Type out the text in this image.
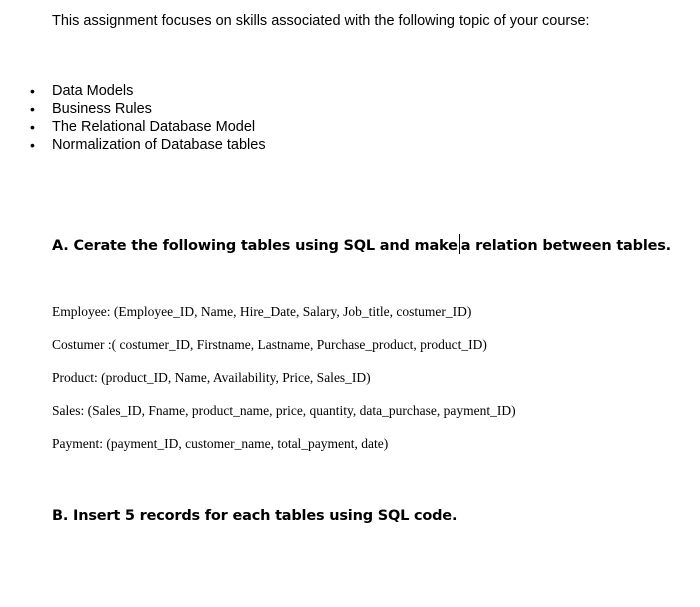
This assignment focuses on skills associated with the following topic of your course:

•	Data Models
•	Business Rules
•	The Relational Database Model
•	Normalization of Database tables

A. Cerate the following tables using SQL and make a relation between tables.

Employee: (Employee_ID, Name, Hire_Date, Salary, Job_title, costumer_ID)
Costumer :( costumer_ID, Firstname, Lastname, Purchase_product, product_ID)
Product: (product_ID, Name, Availability, Price, Sales_ID)
Sales: (Sales_ID, Fname, product_name, price, quantity, data_purchase, payment_ID)
Payment: (payment_ID, customer_name, total_payment, date)

B. Insert 5 records for each tables using SQL code.
